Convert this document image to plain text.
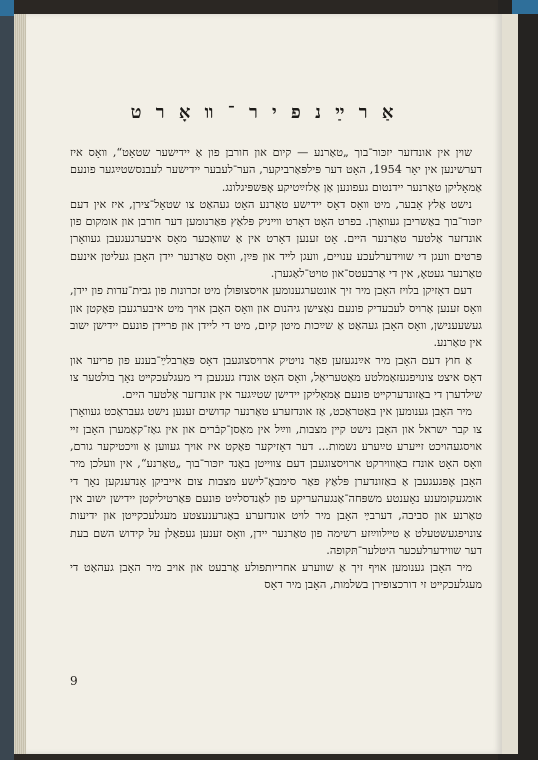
אַ ר ײַ נ פ י ר ־ װ אָ ר ט

שױן אין אונדזער יזכּור־בוך „טאַרנע — קיום און חורבן פון אַ יידישער שטאָט“, װאָס איז דערשינען אין יאָר 1954, האָט דער פּילפּאַרביקער, הער־לעבער יידישער לעבנסשטײַגער פונעם אַמאָליקן טאַרנער יידנטום געפונען אַן אַלזײַטיקע אָפּשפּיגלונג.

נישט אַלץ אָבער, מיט װאָס דאָס יידישע טאַרנע האָט געהאַט צו שטאָל־צירן, איז אין דעם יזכּור־בוך באַשריבן געװאָרן. בפרט האָט דאָרט װײניק פּלאַץ פאַרנומען דער חורבן און אומקום פון אונדזער אַלטער טאַרנער היים. אָט זענען דאָרט אין אַ שװאַכער מאָס איבערגעגעבן געװאָרן פּרטים װעגן די שװידערלעכע ענויים, װעגן לײד און פּײַן, װאָס טאַרנער יידן האָבן געליטן אינעם טאַרנער געטאָ, אין די אַרבעטס־און טויט־לאַגערן.

דעם דאָזיקן בלויז האָבן מיר זיך אונטערגענומען אויסצופּולן מיט זכרונות פון גבית־עדות פון יידן, װאָס זענען אַרויס לעבעדיק פונעם נאַצישן גיהנום און װאָס האָבן אױך מיט איבערגעבן פאַקטן און געשעענישן, װאָס האָבן געהאַט אַ שײַכות מיטן קיום, מיט די ליידן און פרײדן פונעם יידישן ישוב אין טאַרנע.

אַ חוץ דעם האָבן מיר אײַנגעזען פאַר נויטיק ארויסצוגעבן דאָס פּאַרבלײַ־בענע פון פריער און דאָס איצט צונויפגעזאַמלטע מאַטעריאַל, װאָס האָט אונדז געגעבן די מעגלעכקײט נאָך בולטער צו שילדערן די באַזונדערקײט פונעם אַמאָליקן יידישן שטײַגער אין אונדזער אַלטער היים.

מיר האָבן גענומען אין באַטראַכט, אַז אונדזערע טאַרנער קדושים זענען נישט געבראַכט געװאָרן צו קבר ישראל און האָבן נישט קײן מצבות, װײַל אין מאַסן־קבֿרים און אין גאַז־קאַמערן האָבן זײ אויסגעהויכט זײערע טײַערע נשמות... דער דאָזיקער פאַקט איז אויך געװען אַ װיכטיקער גורם, װאָס האָט אונדז באַװוירקט ארויסצוגעבן דעם צװייטן באַנד יזכּור־בוך „טאַרנע“, אין װעלכן מיר האָבן אָפּגעגעבן אַ באַזונדערן פּלאַץ פאַר סימבאָ־לישע מצבות צום אייביקן אָנדענקען נאָך די אומגעקומענע נאָענטע משפּחה־אַנגעהעריקע פון לאַנדסלײַט פונעם פּאַרטיליקטן יידישן ישוב אין טאַרנע און סביבה, דערבײַ האָבן מיר לויט אונדזערע באַגרענעצטע מעגלעכקײטן און ידיעות צונויפגעשטעלט אַ טײלװײַזע רשימה פון טאַרנער יידן, װאָס זענען געפאַלן על קידוש השם בעת דער שװידערלעכער היטלער־תּקופה.

מיר האָבן גענומען אױף זיך אַ שװערע אחריותפולע אַרבעט און אויב מיר האָבן געהאַט די מעגלעכקײט זי דורכצופירן בשלמות, האָבן מיר דאָס

9
